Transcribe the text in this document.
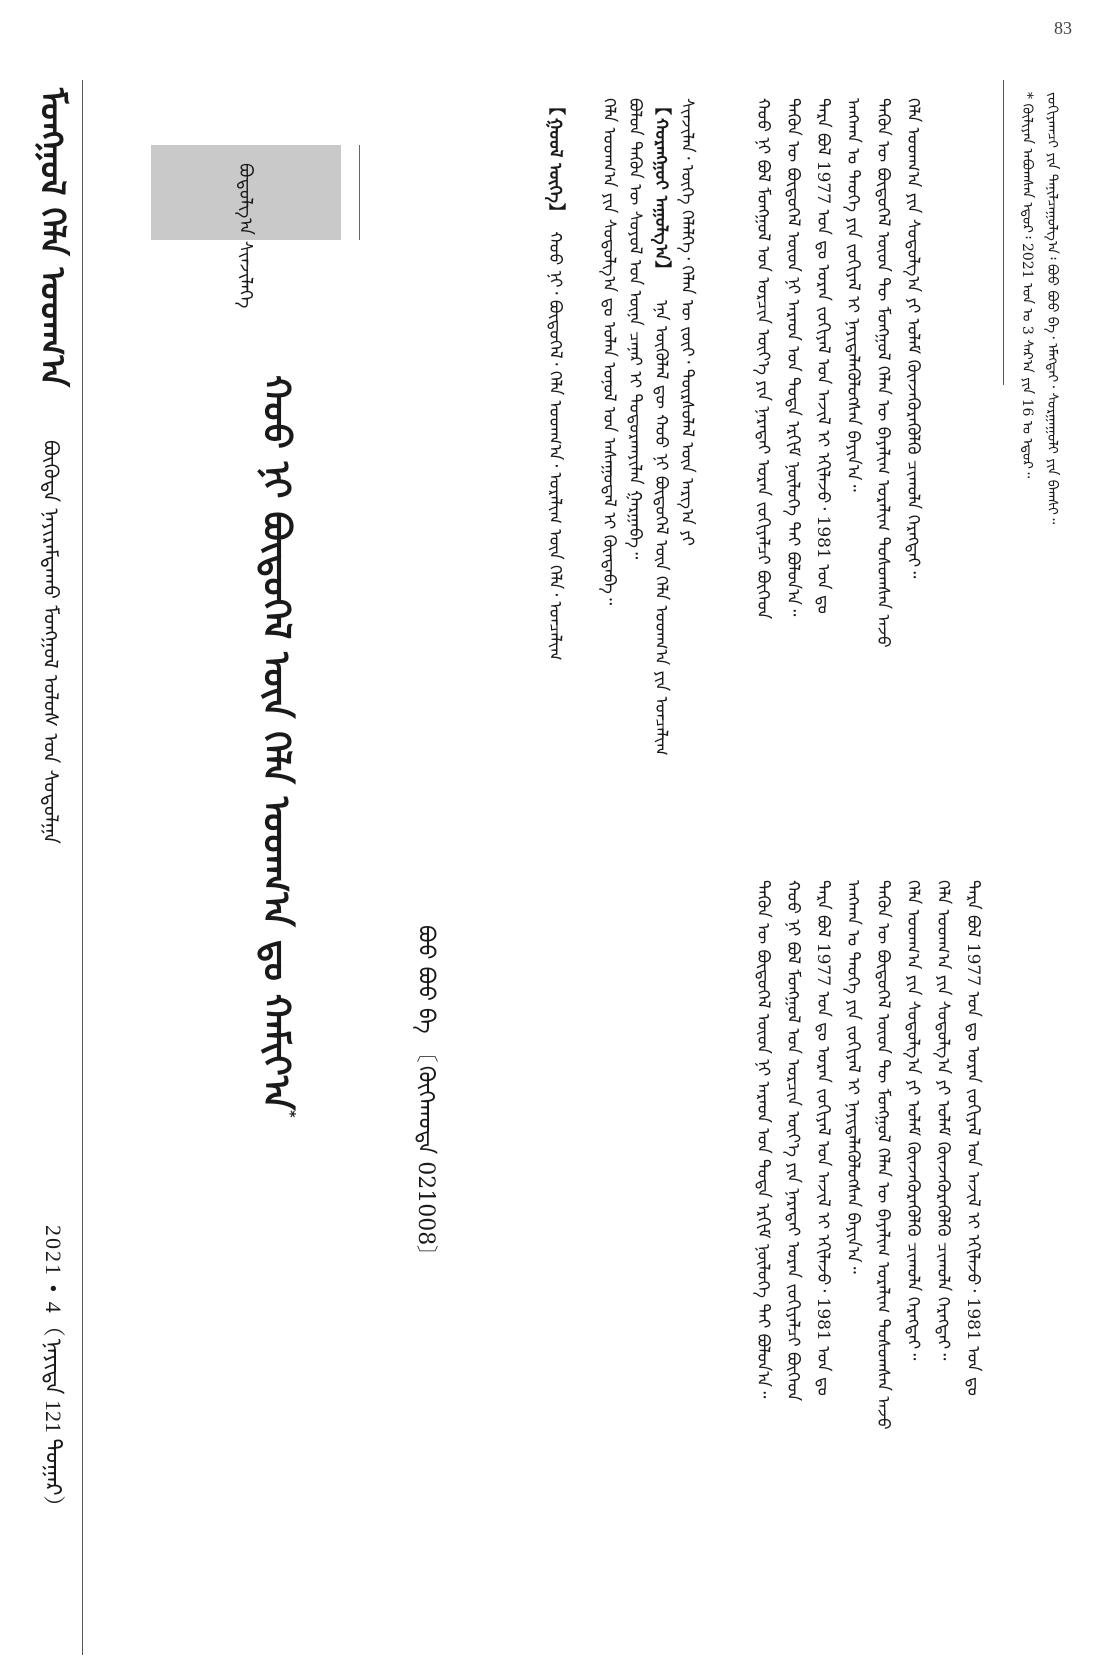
83
ᠮᠣᠩᠭᠣᠯ ᠬᠡᠯᠡ ᠤᠳᠬ᠎ᠠ
ᠪᠦᠭᠦᠳᠡ ᠨᠠᠶᠢᠷᠠᠮᠳᠠᠬᠤ ᠮᠣᠩᠭᠣᠯ ᠤᠯᠤᠰ ᠤᠨ ᠰᠣᠳᠤᠯᠭᠠ
2021 • 4（ᠨᠡᠶᠢᠲᠡ 121 ᠳᠤᠭᠠᠷ）
ᠪᠤᠳᠤᠯᠭ᠎ᠠ ᠰᠢᠨᠵᠢᠯᠡᠭᠡ
ᠬᠣᠣ ᠨᠢ ᠪᠦᠲᠦᠭᠡᠯ ᠦᠨ ᠬᠡᠯᠡ ᠤᠳᠬ᠎ᠠ ᠳᠤ ᠬᠠᠮᠢᠶ᠎ᠠ*
ᠪᠣᠣ ᠪᠣᠣ ᠪᠠ 〔ᠬᠥᠬᠡᠬᠣᠲᠠ 021008〕
【ᠭᠣᠣᠯ ᠦᠭᠡ】 ᠬᠣᠣ ᠨᠢ᠂ ᠪᠦᠲᠦᠭᠡᠯ᠂ ᠬᠡᠯᠡ ᠤᠳᠬ᠎ᠠ᠂ ᠤᠷᠠᠯᠢᠭ ᠦᠨ ᠬᠡᠯᠡ᠂ ᠣᠨᠴᠠᠯᠢᠭ
【ᠬᠤᠷᠠᠩᠭᠤᠢ ᠠᠭᠤᠯᠭ᠎ᠠ】
ᠡᠨᠡ ᠥᠭᠦᠯᠡᠯ ᠳᠦ ᠬᠣᠣ ᠨᠢ ᠪᠦᠲᠦᠭᠡᠯ ᠦᠨ ᠬᠡᠯᠡ ᠤᠳᠬ᠎ᠠ ᠶᠢᠨ ᠣᠨᠴᠠᠯᠢᠭ
ᠪᠣᠯᠤᠨ ᠲᠡᠭᠦᠨ ᠦ ᠰᠣᠶᠣᠯ ᠤᠨ ᠦᠨᠡ ᠴᠡᠨᠡᠷ ᠢ ᠲᠣᠳᠤᠷᠬᠠᠶᠢᠯᠠᠨ ᠭᠠᠷᠭᠠᠪᠠ᠃
ᠬᠡᠯᠡ ᠤᠳᠬ᠎ᠠ ᠶᠢᠨ ᠰᠤᠳᠤᠯᠭ᠎ᠠ ᠳᠤ ᠣᠯᠠᠨ ᠣᠨᠤᠯ ᠤᠨ ᠠᠰᠠᠭᠤᠳᠠᠯ ᠢ ᠬᠥᠨᠳᠡᠪᠡ᠃	ᠰᠢᠨᠵᠢᠯᠡᠨ᠂ ᠦᠭᠡ ᠬᠡᠯᠡᠯᠭᠡ᠂ ᠬᠡᠯᠡᠨ ᠦ ᠵᠦᠢ᠂ ᠳᠦᠷᠰᠦᠯᠡᠯ ᠦᠨ ᠠᠷᠭ᠎ᠠ ᠶᠢ	ᠬᠣᠣ ᠨᠢ ᠪᠣᠯ ᠮᠣᠩᠭᠣᠯ ᠤᠨ ᠣᠷᠴᠢᠨ ᠦᠶ᠎ᠡ ᠶᠢᠨ ᠨᠡᠷᠡᠲᠡᠢ ᠤᠷᠠᠨ ᠵᠣᠬᠢᠶᠠᠯᠴᠢ ᠪᠥᠭᠡᠳ ᠲᠡᠭᠦᠨ ᠦ ᠪᠦᠲᠦᠭᠡᠯ ᠦᠳ ᠨᠢ ᠠᠷᠠᠳ ᠤᠨ ᠳᠤᠳᠠ ᠡᠷᠬᠢᠮ ᠨᠥᠯᠥᠭᠡ ᠲᠡᠢ ᠪᠣᠯᠤᠨ᠎ᠠ᠃ ᠲᠡᠷᠡ ᠪᠣᠯ 1977 ᠣᠨ ᠳᠤ ᠤᠷᠠᠨ ᠵᠣᠬᠢᠶᠠᠯ ᠤᠨ ᠠᠵᠢᠯ ᠢ ᠡᠬᠢᠯᠡᠵᠦ᠂ 1981 ᠣᠨ ᠳᠤ ᠠᠩᠬᠠᠨ ᠤ ᠲᠡᠦᠬᠡ ᠶᠢᠨ ᠵᠣᠬᠢᠶᠠᠯ ᠢ ᠨᠡᠶᠢᠲᠡᠯᠡᠭᠦᠯᠦᠭᠰᠡᠨ ᠪᠠᠶᠢᠨ᠎ᠠ᠃ ᠲᠡᠭᠦᠨ ᠦ ᠪᠦᠲᠦᠭᠡᠯ ᠦᠳ ᠲᠦ ᠮᠣᠩᠭᠣᠯ ᠬᠡᠯᠡᠨ ᠦ ᠪᠠᠶᠠᠯᠢᠭ ᠤᠷᠠᠯᠢᠭ ᠲᠤᠰᠤᠭᠰᠠᠨ ᠠᠵᠤ ᠬᠡᠯᠡ ᠤᠳᠬ᠎ᠠ ᠶᠢᠨ ᠰᠤᠳᠤᠯᠭ᠎ᠠ ᠶᠢ ᠤᠯᠠᠮ ᠭᠦᠨᠵᠡᠭᠦᠷᠡᠭᠦᠯᠬᠦ ᠴᠢᠬᠤᠯᠠ ᠬᠡᠷᠡᠭᠲᠡᠢ᠃
ᠲᠡᠷᠡ ᠪᠣᠯ 1977 ᠣᠨ ᠳᠤ ᠤᠷᠠᠨ ᠵᠣᠬᠢᠶᠠᠯ ᠤᠨ ᠠᠵᠢᠯ ᠢ ᠡᠬᠢᠯᠡᠵᠦ᠂ 1981 ᠣᠨ ᠳᠤ ᠠᠩᠬᠠᠨ ᠤ ᠲᠡᠦᠬᠡ ᠶᠢᠨ ᠵᠣᠬᠢᠶᠠᠯ ᠢ ᠨᠡᠶᠢᠲᠡᠯᠡᠭᠦᠯᠦᠭᠰᠡᠨ ᠪᠠᠶᠢᠨ᠎ᠠ᠃ ᠲᠡᠭᠦᠨ ᠦ ᠪᠦᠲᠦᠭᠡᠯ ᠦᠳ ᠲᠦ ᠮᠣᠩᠭᠣᠯ ᠬᠡᠯᠡᠨ ᠦ ᠪᠠᠶᠠᠯᠢᠭ ᠤᠷᠠᠯᠢᠭ ᠲᠤᠰᠤᠭᠰᠠᠨ ᠠᠵᠤ
ᠬᠣᠣ ᠨᠢ ᠪᠣᠯ ᠮᠣᠩᠭᠣᠯ ᠤᠨ ᠣᠷᠴᠢᠨ ᠦᠶ᠎ᠡ ᠶᠢᠨ ᠨᠡᠷᠡᠲᠡᠢ ᠤᠷᠠᠨ ᠵᠣᠬᠢᠶᠠᠯᠴᠢ ᠪᠥᠭᠡᠳ
ᠲᠡᠭᠦᠨ ᠦ ᠪᠦᠲᠦᠭᠡᠯ ᠦᠳ ᠨᠢ ᠠᠷᠠᠳ ᠤᠨ ᠳᠤᠳᠠ ᠡᠷᠬᠢᠮ ᠨᠥᠯᠥᠭᠡ ᠲᠡᠢ ᠪᠣᠯᠤᠨ᠎ᠠ᠃	ᠬᠡᠯᠡ ᠤᠳᠬ᠎ᠠ ᠶᠢᠨ ᠰᠤᠳᠤᠯᠭ᠎ᠠ ᠶᠢ ᠤᠯᠠᠮ ᠭᠦᠨᠵᠡᠭᠦᠷᠡᠭᠦᠯᠬᠦ ᠴᠢᠬᠤᠯᠠ ᠬᠡᠷᠡᠭᠲᠡᠢ᠃ ᠬᠡᠯᠡ ᠤᠳᠬ᠎ᠠ ᠶᠢᠨ ᠰᠤᠳᠤᠯᠭ᠎ᠠ ᠶᠢ ᠤᠯᠠᠮ ᠭᠦᠨᠵᠡᠭᠦᠷᠡᠭᠦᠯᠬᠦ ᠴᠢᠬᠤᠯᠠ ᠬᠡᠷᠡᠭᠲᠡᠢ᠃ ᠲᠡᠷᠡ ᠪᠣᠯ 1977 ᠣᠨ ᠳᠤ ᠤᠷᠠᠨ ᠵᠣᠬᠢᠶᠠᠯ ᠤᠨ ᠠᠵᠢᠯ ᠢ ᠡᠬᠢᠯᠡᠵᠦ᠂ 1981 ᠣᠨ ᠳᠤ
* ᠬᠦᠯᠢᠶᠡᠨ ᠠᠪᠤᠭᠰᠠᠨ ᠡᠳᠦᠷ᠄ 2021 ᠣᠨ ᠤ 3 ᠰᠠᠷ᠎ᠠ ᠶᠢᠨ 16 ᠤ ᠡᠳᠦᠷ᠃ ᠵᠣᠬᠢᠶᠠᠭᠴᠢ ᠶᠢᠨ ᠲᠠᠨᠢᠯᠴᠠᠭᠤᠯᠭ᠎ᠠ᠄ ᠪᠣᠣ ᠪᠣᠣ ᠪᠠ᠂ ᠡᠮᠡᠭᠲᠡᠢ᠂ ᠰᠤᠷᠭᠠᠭᠤᠯᠢ ᠶᠢᠨ ᠪᠠᠭᠰᠢ᠃
